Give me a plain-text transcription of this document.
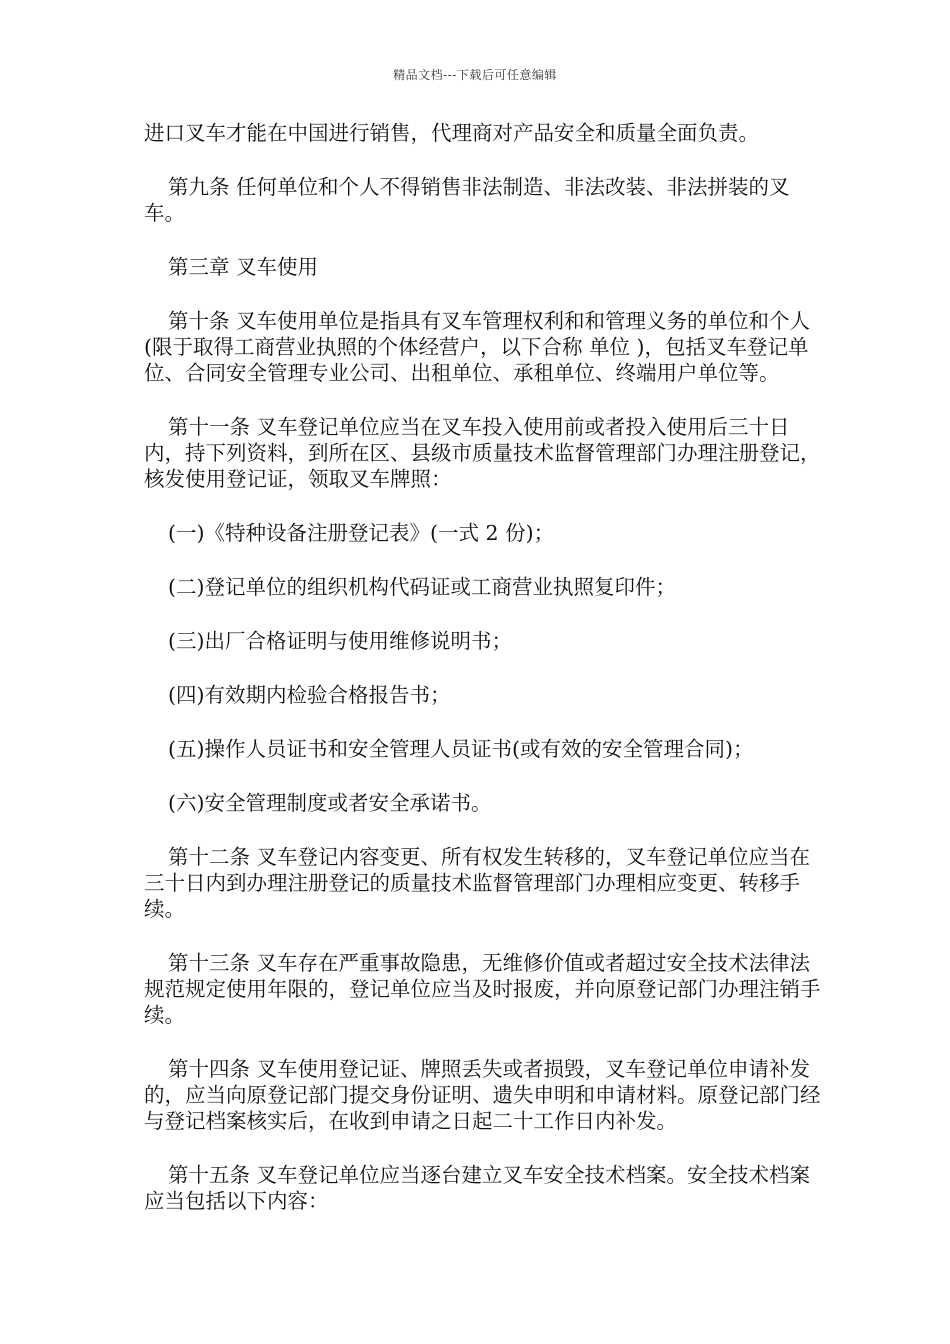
精品文档---下载后可任意编辑

进口叉车才能在中国进行销售，代理商对产品安全和质量全面负责。

第九条 任何单位和个人不得销售非法制造、非法改装、非法拼装的叉车。

第三章 叉车使用

第十条 叉车使用单位是指具有叉车管理权利和和管理义务的单位和个人(限于取得工商营业执照的个体经营户，以下合称 单位 )，包括叉车登记单位、合同安全管理专业公司、出租单位、承租单位、终端用户单位等。

第十一条 叉车登记单位应当在叉车投入使用前或者投入使用后三十日内，持下列资料，到所在区、县级市质量技术监督管理部门办理注册登记，核发使用登记证，领取叉车牌照：

(一)《特种设备注册登记表》(一式 2 份)；

(二)登记单位的组织机构代码证或工商营业执照复印件；

(三)出厂合格证明与使用维修说明书；

(四)有效期内检验合格报告书；

(五)操作人员证书和安全管理人员证书(或有效的安全管理合同)；

(六)安全管理制度或者安全承诺书。

第十二条 叉车登记内容变更、所有权发生转移的，叉车登记单位应当在三十日内到办理注册登记的质量技术监督管理部门办理相应变更、转移手续。

第十三条 叉车存在严重事故隐患，无维修价值或者超过安全技术法律法规范规定使用年限的，登记单位应当及时报废，并向原登记部门办理注销手续。

第十四条 叉车使用登记证、牌照丢失或者损毁，叉车登记单位申请补发的，应当向原登记部门提交身份证明、遗失申明和申请材料。原登记部门经与登记档案核实后，在收到申请之日起二十工作日内补发。

第十五条 叉车登记单位应当逐台建立叉车安全技术档案。安全技术档案应当包括以下内容：
